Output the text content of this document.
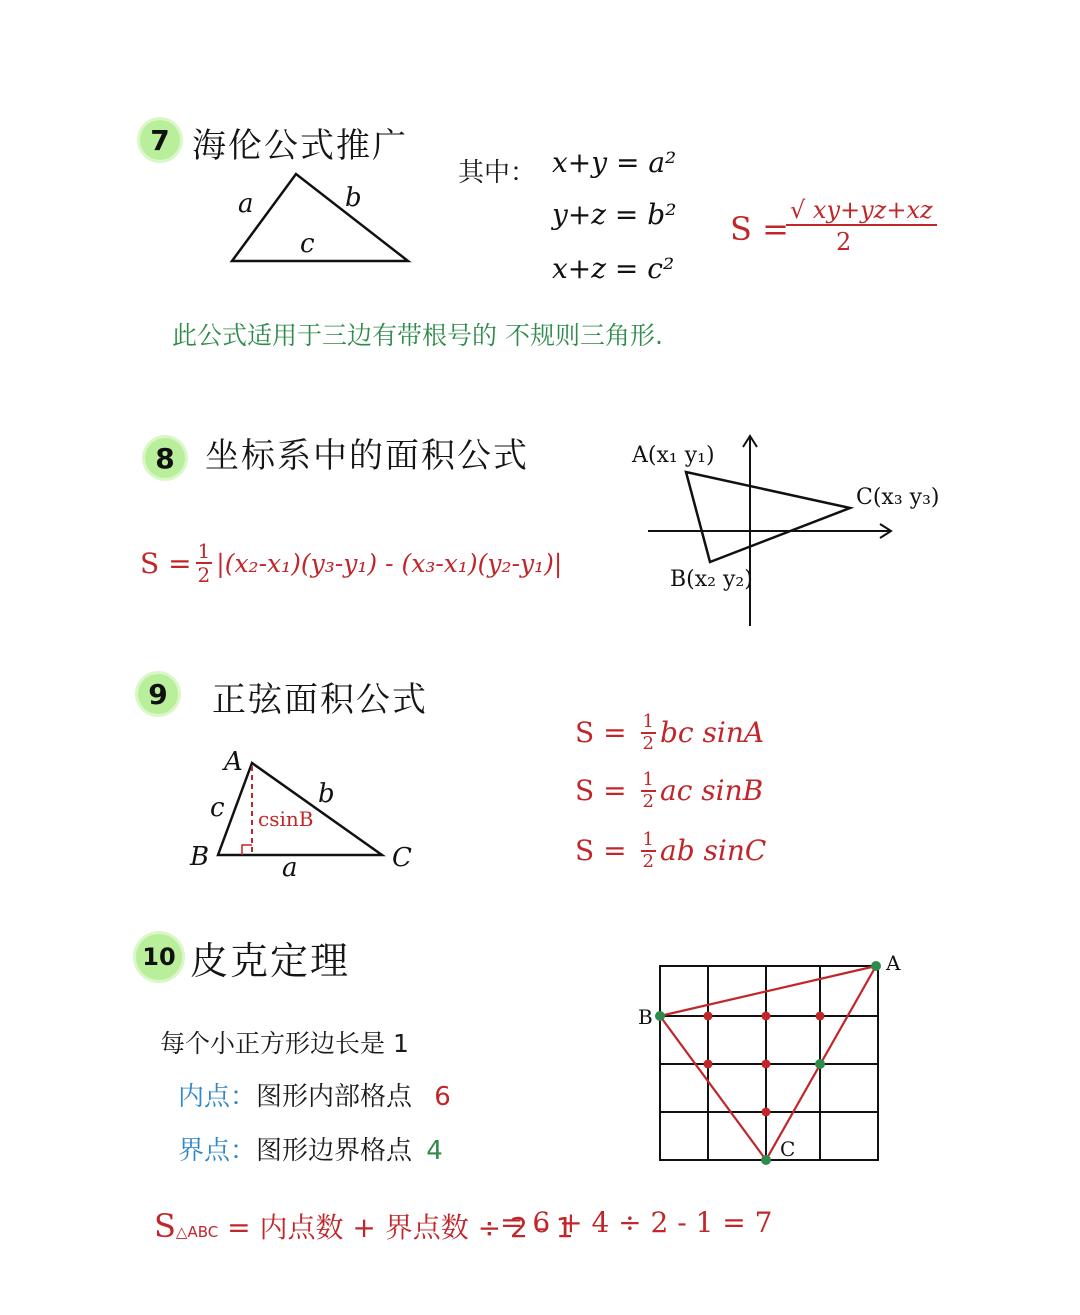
7 海伦公式推广
a	b
c
其中： x+y = a²
y+z = b²
x+z = c²
S = √ xy+yz+xz
2
此公式适用于三边有带根号的 不规则三角形.
8 坐标系中的面积公式
$S = \frac{1}{2} |(x_2-x_1)(y_3-y_1) - (x_3-x_1)(y_2-y_1)|$
A(x₁ y₁)
C(x₃ y₃)
B(x₂ y₂)
9 正弦面积公式
A
B	C
c	b
a
csinB
$S = \frac{1}{2}$ bc sinA
$S = \frac{1}{2}$ ac sinB
$S = \frac{1}{2}$ ab sinC
10 皮克定理
每个小正方形边长是 1
内点：图形内部格点 6
界点：图形边界格点 4
S△ABC = 内点数 + 界点数 ÷ 2 - 1
= 6 + 4 ÷ 2 - 1 = 7
A
B
C
